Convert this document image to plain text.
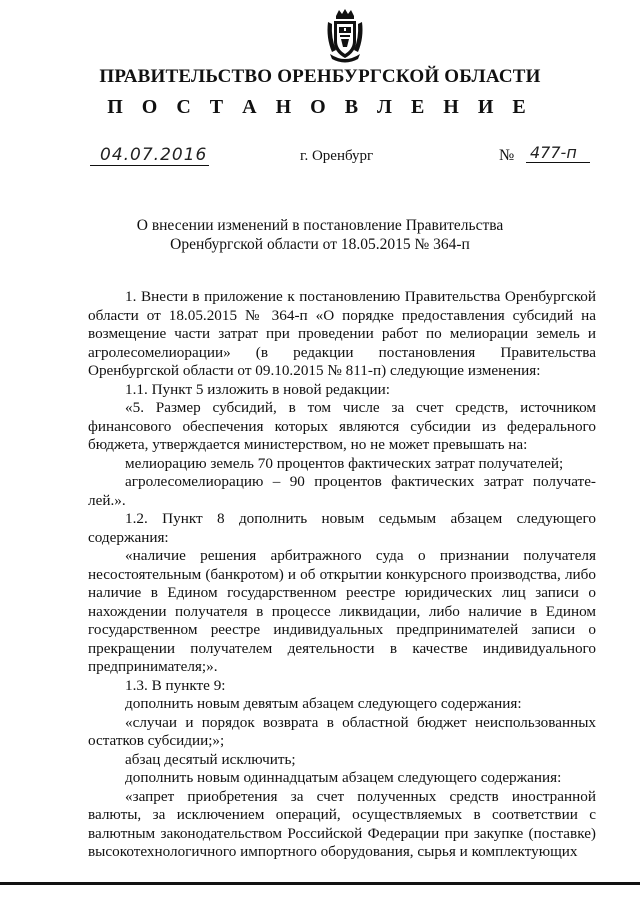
ПРАВИТЕЛЬСТВО ОРЕНБУРГСКОЙ ОБЛАСТИ
П О С Т А Н О В Л Е Н И Е
04.07.2016	г. Оренбург	№ 477-п
О внесении изменений в постановление Правительства
Оренбургской области от 18.05.2015 № 364-п

1. Внести в приложение к постановлению Правительства Оренбургской области от 18.05.2015 № 364-п «О порядке предоставления субсидий на возмещение части затрат при проведении работ по мелиорации земель и агролесомелиорации» (в редакции постановления Правительства Оренбургской области от 09.10.2015 № 811-п) следующие изменения:

1.1. Пункт 5 изложить в новой редакции:

«5. Размер субсидий, в том числе за счет средств, источником финансового обеспечения которых являются субсидии из федерального бюджета, утверждается министерством, но не может превышать на:

мелиорацию земель 70 процентов фактических затрат получателей;

агролесомелиорацию – 90 процентов фактических затрат получате-лей.».

1.2. Пункт 8 дополнить новым седьмым абзацем следующего содержания:

«наличие решения арбитражного суда о признании получателя несостоятельным (банкротом) и об открытии конкурсного производства, либо наличие в Едином государственном реестре юридических лиц записи о нахождении получателя в процессе ликвидации, либо наличие в Едином государственном реестре индивидуальных предпринимателей записи о прекращении получателем деятельности в качестве индивидуального предпринимателя;».

1.3. В пункте 9:

дополнить новым девятым абзацем следующего содержания:

«случаи и порядок возврата в областной бюджет неиспользованных остатков субсидии;»;

абзац десятый исключить;

дополнить новым одиннадцатым абзацем следующего содержания:

«запрет приобретения за счет полученных средств иностранной валюты, за исключением операций, осуществляемых в соответствии с валютным законодательством Российской Федерации при закупке (поставке) высокотехнологичного импортного оборудования, сырья и комплектующих
